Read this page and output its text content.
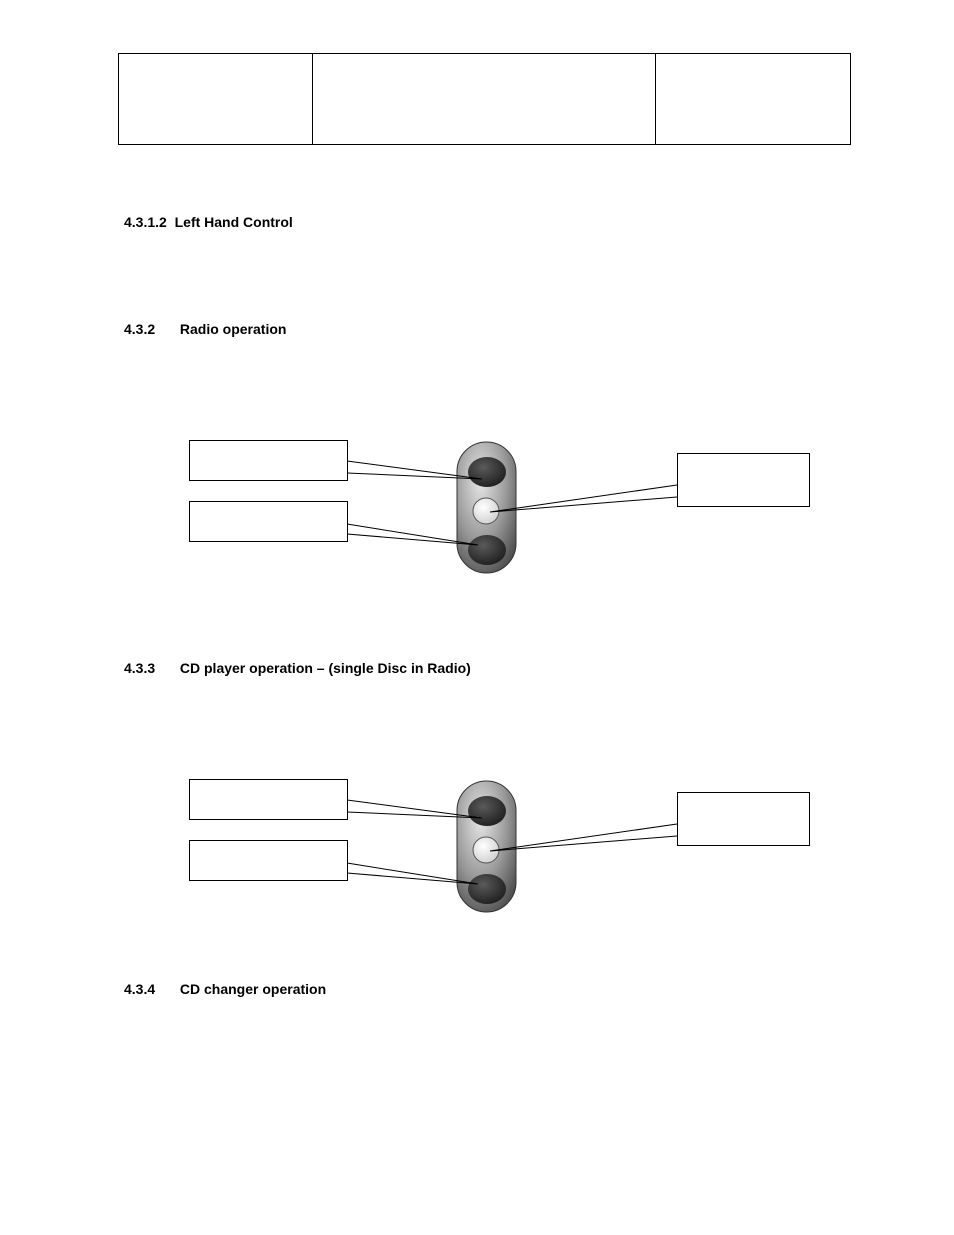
4.3.1.2 Left Hand Control
4.3.2 Radio operation
4.3.3 CD player operation – (single Disc in Radio)
4.3.4 CD changer operation
